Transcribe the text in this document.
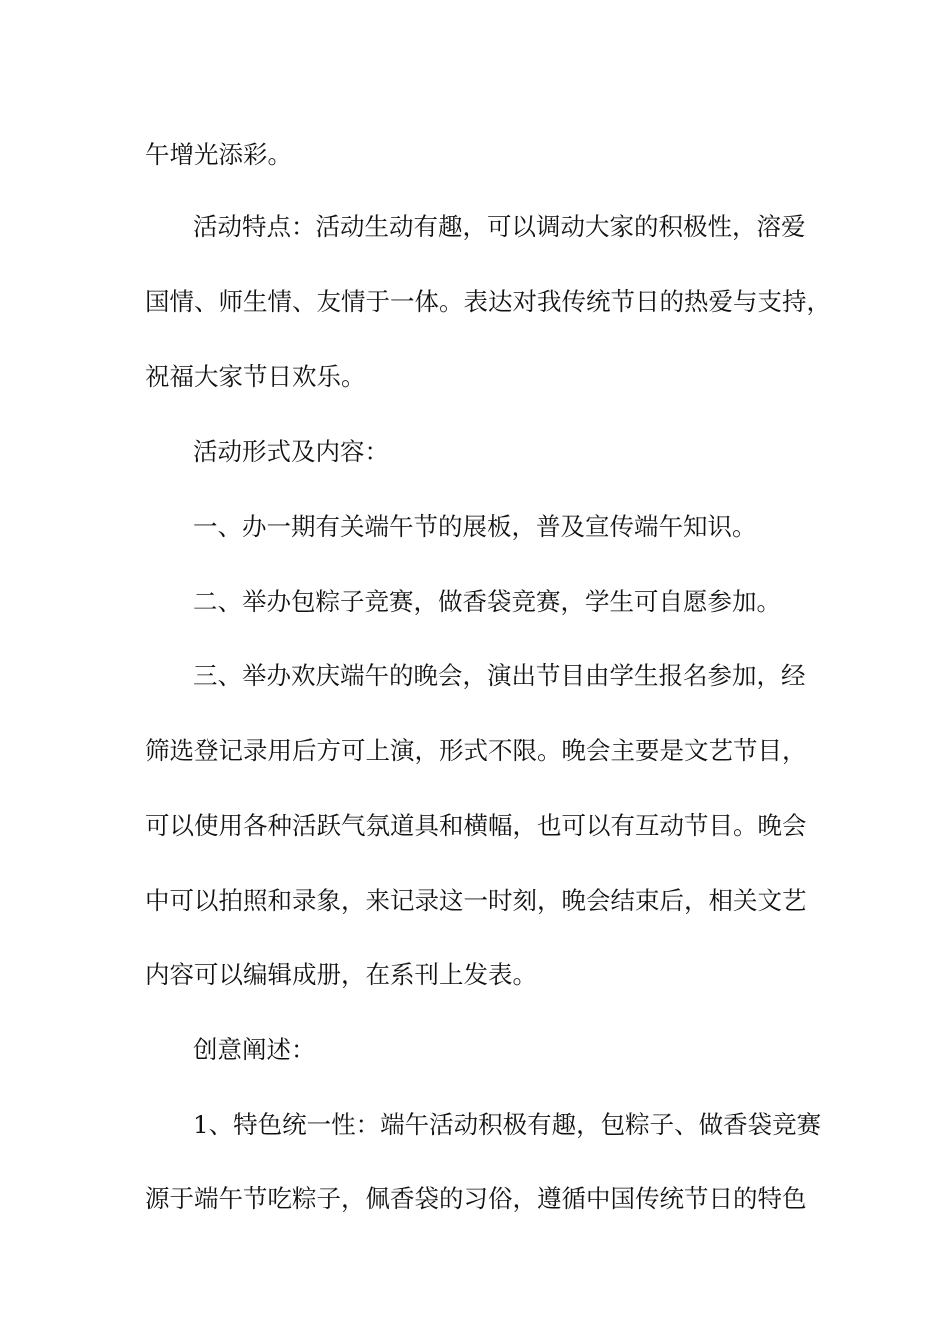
午增光添彩。
活动特点：活动生动有趣，可以调动大家的积极性，溶爱
国情、师生情、友情于一体。表达对我传统节日的热爱与支持，
祝福大家节日欢乐。
活动形式及内容：
一、办一期有关端午节的展板，普及宣传端午知识。
二、举办包粽子竞赛，做香袋竞赛，学生可自愿参加。
三、举办欢庆端午的晚会，演出节目由学生报名参加，经
筛选登记录用后方可上演，形式不限。晚会主要是文艺节目，
可以使用各种活跃气氛道具和横幅，也可以有互动节目。晚会
中可以拍照和录象，来记录这一时刻，晚会结束后，相关文艺
内容可以编辑成册，在系刊上发表。
创意阐述：
1、特色统一性：端午活动积极有趣，包粽子、做香袋竞赛
源于端午节吃粽子，佩香袋的习俗，遵循中国传统节日的特色
